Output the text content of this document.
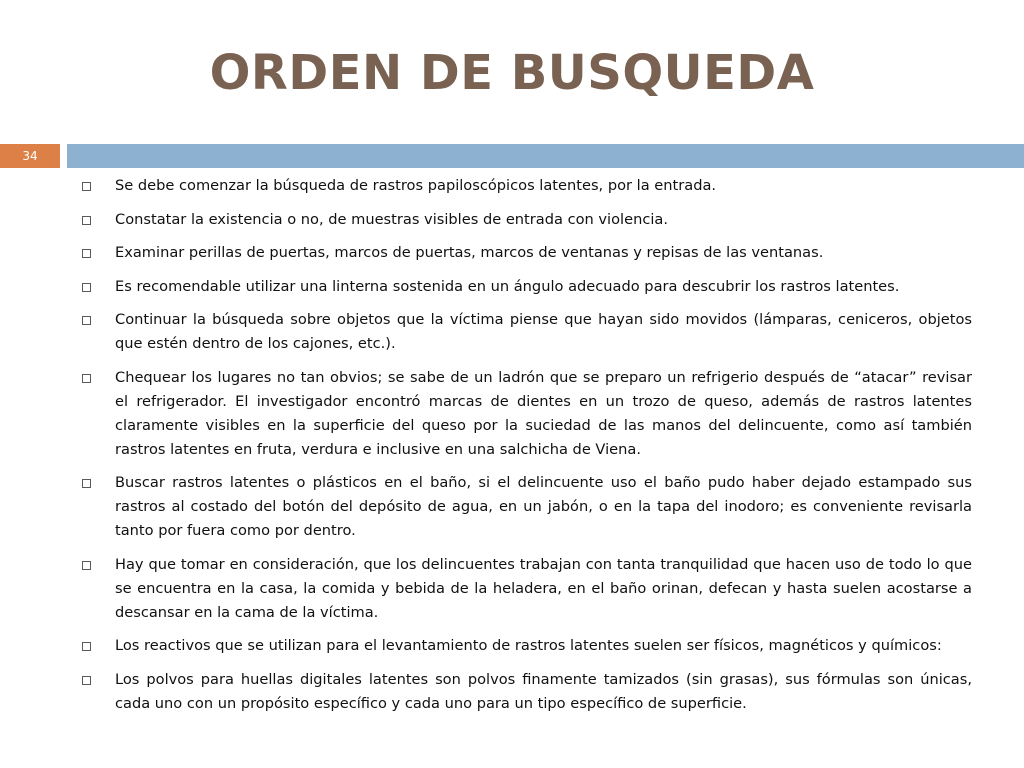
ORDEN DE BUSQUEDA
34
Se debe comenzar la búsqueda de rastros papiloscópicos latentes, por la entrada.
Constatar la existencia o no, de muestras visibles de entrada con violencia.
Examinar perillas de puertas, marcos de puertas, marcos de ventanas y repisas de las ventanas.
Es recomendable utilizar una linterna sostenida en un ángulo adecuado para descubrir los rastros latentes.
Continuar la búsqueda sobre objetos que la víctima piense que hayan sido movidos (lámparas, ceniceros, objetos que estén dentro de los cajones, etc.).
Chequear los lugares no tan obvios; se sabe de un ladrón que se preparo un refrigerio después de “atacar” revisar el refrigerador. El investigador encontró marcas de dientes en un trozo de queso, además de rastros latentes claramente visibles en la superficie del queso por la suciedad de las manos del delincuente, como así también rastros latentes en fruta, verdura e inclusive en una salchicha de Viena.
Buscar rastros latentes o plásticos en el baño, si el delincuente uso el baño pudo haber dejado estampado sus rastros al costado del botón del depósito de agua, en un jabón, o en la tapa del inodoro; es conveniente revisarla tanto por fuera como por dentro.
Hay que tomar en consideración, que los delincuentes trabajan con tanta tranquilidad que hacen uso de todo lo que se encuentra en la casa, la comida y bebida de la heladera, en el baño orinan, defecan y hasta suelen acostarse a descansar en la cama de la víctima.
Los reactivos que se utilizan para el levantamiento de rastros latentes suelen ser físicos, magnéticos y químicos:
Los polvos para huellas digitales latentes son polvos finamente tamizados (sin grasas), sus fórmulas son únicas, cada uno con un propósito específico y cada uno para un tipo específico de superficie.
